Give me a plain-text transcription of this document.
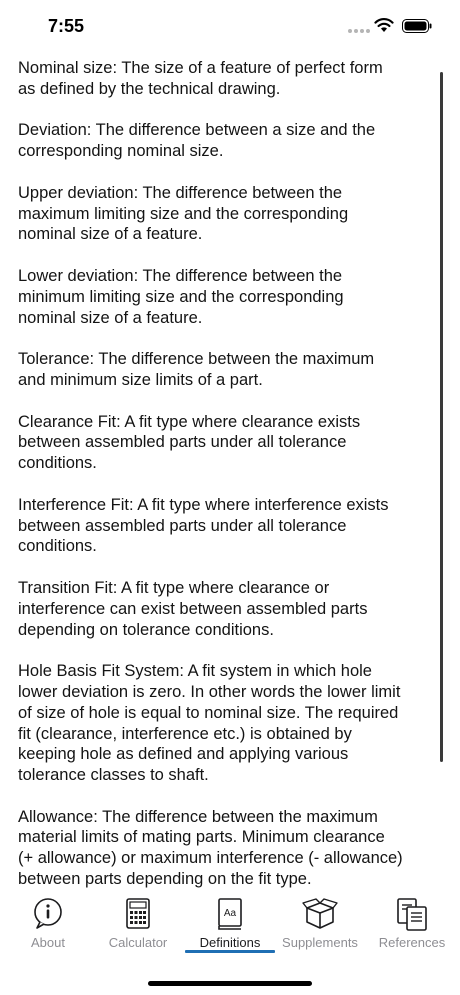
7:55

Nominal size: The size of a feature of perfect form
as defined by the technical drawing.

Deviation: The difference between a size and the
corresponding nominal size.

Upper deviation: The difference between the
maximum limiting size and the corresponding
nominal size of a feature.

Lower deviation: The difference between the
minimum limiting size and the corresponding
nominal size of a feature.

Tolerance: The difference between the maximum
and minimum size limits of a part.

Clearance Fit: A fit type where clearance exists
between assembled parts under all tolerance
conditions.

Interference Fit: A fit type where interference exists
between assembled parts under all tolerance
conditions.

Transition Fit: A fit type where clearance or
interference can exist between assembled parts
depending on tolerance conditions.

Hole Basis Fit System: A fit system in which hole
lower deviation is zero. In other words the lower limit
of size of hole is equal to nominal size. The required
fit (clearance, interference etc.) is obtained by
keeping hole as defined and applying various
tolerance classes to shaft.

Allowance: The difference between the maximum
material limits of mating parts. Minimum clearance
(+ allowance) or maximum interference (- allowance)
between parts depending on the fit type.

About	Calculator
Aa
Definitions	Supplements	References
